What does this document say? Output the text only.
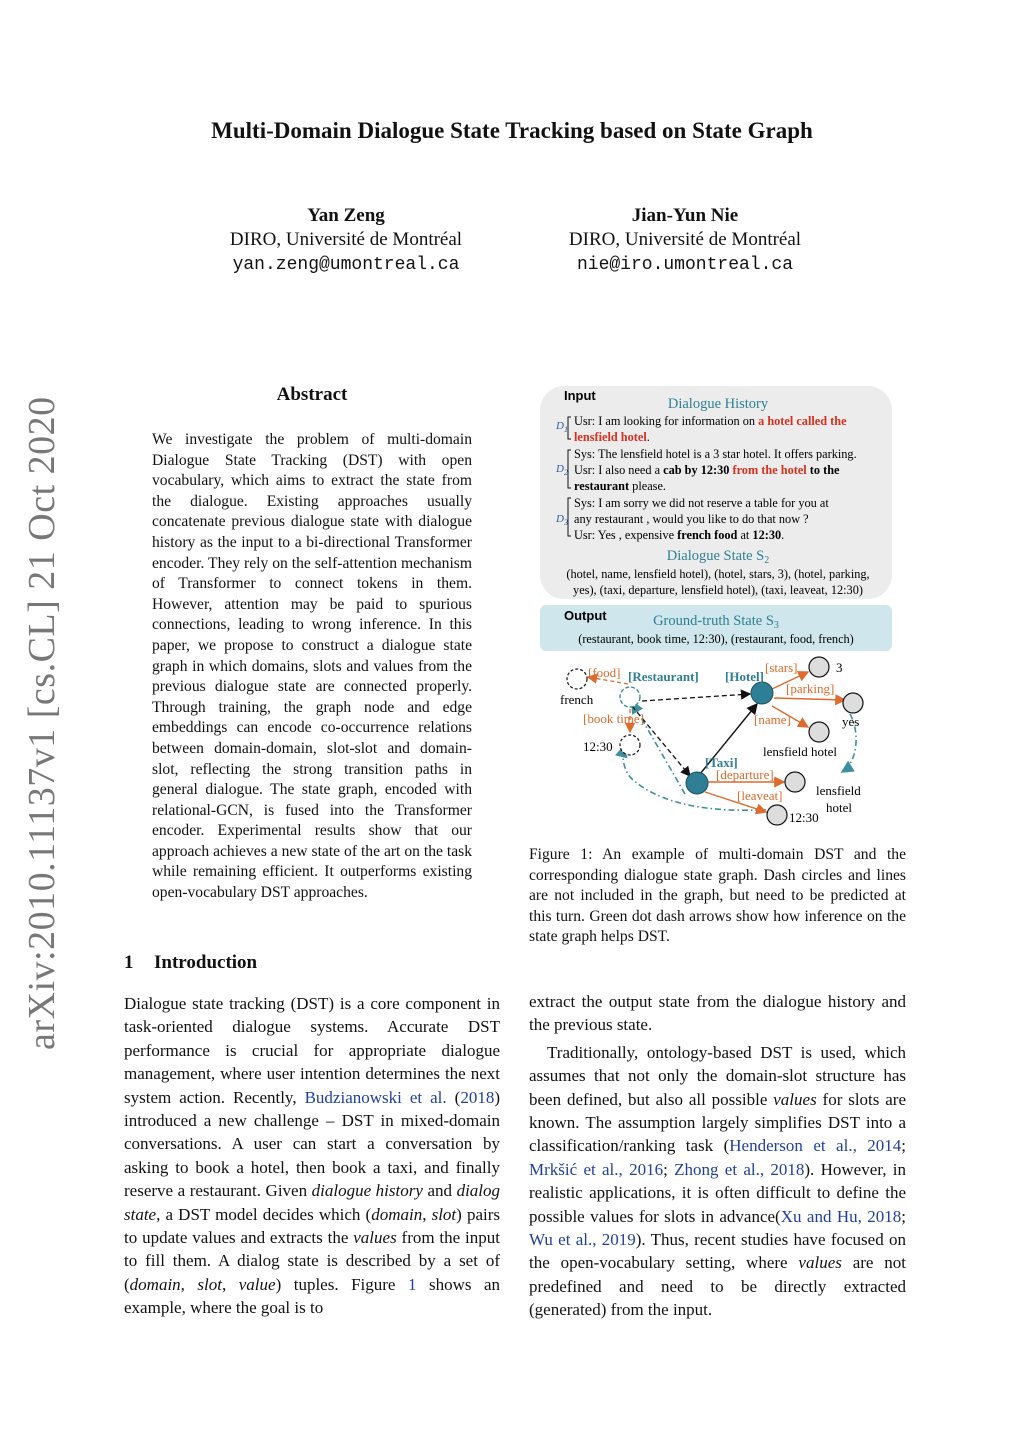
Multi-Domain Dialogue State Tracking based on State Graph
Yan Zeng
DIRO, Université de Montréal
yan.zeng@umontreal.ca
Jian-Yun Nie
DIRO, Université de Montréal
nie@iro.umontreal.ca
arXiv:2010.11137v1 [cs.CL] 21 Oct 2020
Abstract
We investigate the problem of multi-domain Dialogue State Tracking (DST) with open vocabulary, which aims to extract the state from the dialogue. Existing approaches usually concatenate previous dialogue state with dialogue history as the input to a bi-directional Transformer encoder. They rely on the self-attention mechanism of Transformer to connect tokens in them. However, attention may be paid to spurious connections, leading to wrong inference. In this paper, we propose to construct a dialogue state graph in which domains, slots and values from the previous dialogue state are connected properly. Through training, the graph node and edge embeddings can encode co-occurrence relations between domain-domain, slot-slot and domain-slot, reflecting the strong transition paths in general dialogue. The state graph, encoded with relational-GCN, is fused into the Transformer encoder. Experimental results show that our approach achieves a new state of the art on the task while remaining efficient. It outperforms existing open-vocabulary DST approaches.
1 Introduction
Dialogue state tracking (DST) is a core component in task-oriented dialogue systems. Accurate DST performance is crucial for appropriate dialogue management, where user intention determines the next system action. Recently, Budzianowski et al. (2018) introduced a new challenge – DST in mixed-domain conversations. A user can start a conversation by asking to book a hotel, then book a taxi, and finally reserve a restaurant. Given dialogue history and dialog state, a DST model decides which (domain, slot) pairs to update values and extracts the values from the input to fill them. A dialog state is described by a set of (domain, slot, value) tuples. Figure 1 shows an example, where the goal is to

extract the output state from the dialogue history and the previous state.

Traditionally, ontology-based DST is used, which assumes that not only the domain-slot structure has been defined, but also all possible values for slots are known. The assumption largely simplifies DST into a classification/ranking task (Henderson et al., 2014; Mrkšić et al., 2016; Zhong et al., 2018). However, in realistic applications, it is often difficult to define the possible values for slots in advance(Xu and Hu, 2018; Wu et al., 2019). Thus, recent studies have focused on the open-vocabulary setting, where values are not predefined and need to be directly extracted (generated) from the input.

Figure 1: An example of multi-domain DST and the corresponding dialogue state graph. Dash circles and lines are not included in the graph, but need to be predicted at this turn. Green dot dash arrows show how inference on the state graph helps DST.
Input
Dialogue History
$D_1$
$D_2$
$D_3$
Usr: I am looking for information on a hotel called the
lensfield hotel.
Sys: The lensfield hotel is a 3 star hotel. It offers parking.
Usr: I also need a cab by 12:30 from the hotel to the
restaurant please.
Sys: I am sorry we did not reserve a table for you at
any restaurant , would you like to do that now ?
Usr: Yes , expensive french food at 12:30.
Dialogue State $S_2$
(hotel, name, lensfield hotel), (hotel, stars, 3), (hotel, parking,
yes), (taxi, departure, lensfield hotel), (taxi, leaveat, 12:30)
Output	Ground-truth State $S_3$
(restaurant, book time, 12:30), (restaurant, food, french)
[food] [Restaurant] [Hotel]
french
[book time]
12:30
[stars]	3
[parking]
yes
[name]
lensfield hotel
[Taxi]
[departure]
lensfield
hotel
[leaveat]
12:30
